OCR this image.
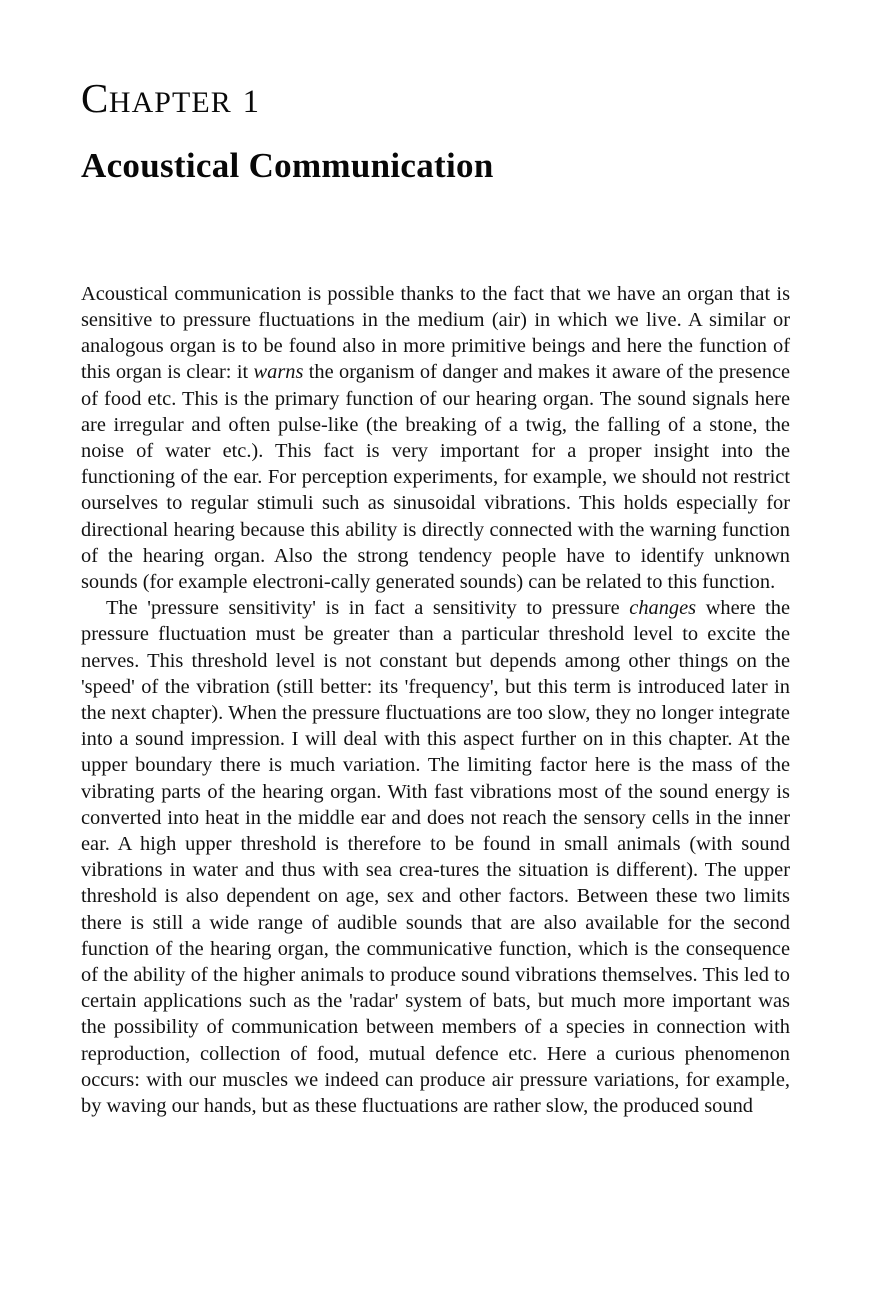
CHAPTER 1
Acoustical Communication

Acoustical communication is possible thanks to the fact that we have an organ that is sensitive to pressure fluctuations in the medium (air) in which we live. A similar or analogous organ is to be found also in more primitive beings and here the function of this organ is clear: it warns the organism of danger and makes it aware of the presence of food etc. This is the primary function of our hearing organ. The sound signals here are irregular and often pulse-like (the breaking of a twig, the falling of a stone, the noise of water etc.). This fact is very important for a proper insight into the functioning of the ear. For perception experiments, for example, we should not restrict ourselves to regular stimuli such as sinusoidal vibrations. This holds especially for directional hearing because this ability is directly connected with the warning function of the hearing organ. Also the strong tendency people have to identify unknown sounds (for example electroni-cally generated sounds) can be related to this function.

The 'pressure sensitivity' is in fact a sensitivity to pressure changes where the pressure fluctuation must be greater than a particular threshold level to excite the nerves. This threshold level is not constant but depends among other things on the 'speed' of the vibration (still better: its 'frequency', but this term is introduced later in the next chapter). When the pressure fluctuations are too slow, they no longer integrate into a sound impression. I will deal with this aspect further on in this chapter. At the upper boundary there is much variation. The limiting factor here is the mass of the vibrating parts of the hearing organ. With fast vibrations most of the sound energy is converted into heat in the middle ear and does not reach the sensory cells in the inner ear. A high upper threshold is therefore to be found in small animals (with sound vibrations in water and thus with sea crea-tures the situation is different). The upper threshold is also dependent on age, sex and other factors. Between these two limits there is still a wide range of audible sounds that are also available for the second function of the hearing organ, the communicative function, which is the consequence of the ability of the higher animals to produce sound vibrations themselves. This led to certain applications such as the 'radar' system of bats, but much more important was the possibility of communication between members of a species in connection with reproduction, collection of food, mutual defence etc. Here a curious phenomenon occurs: with our muscles we indeed can produce air pressure variations, for example, by waving our hands, but as these fluctuations are rather slow, the produced sound
